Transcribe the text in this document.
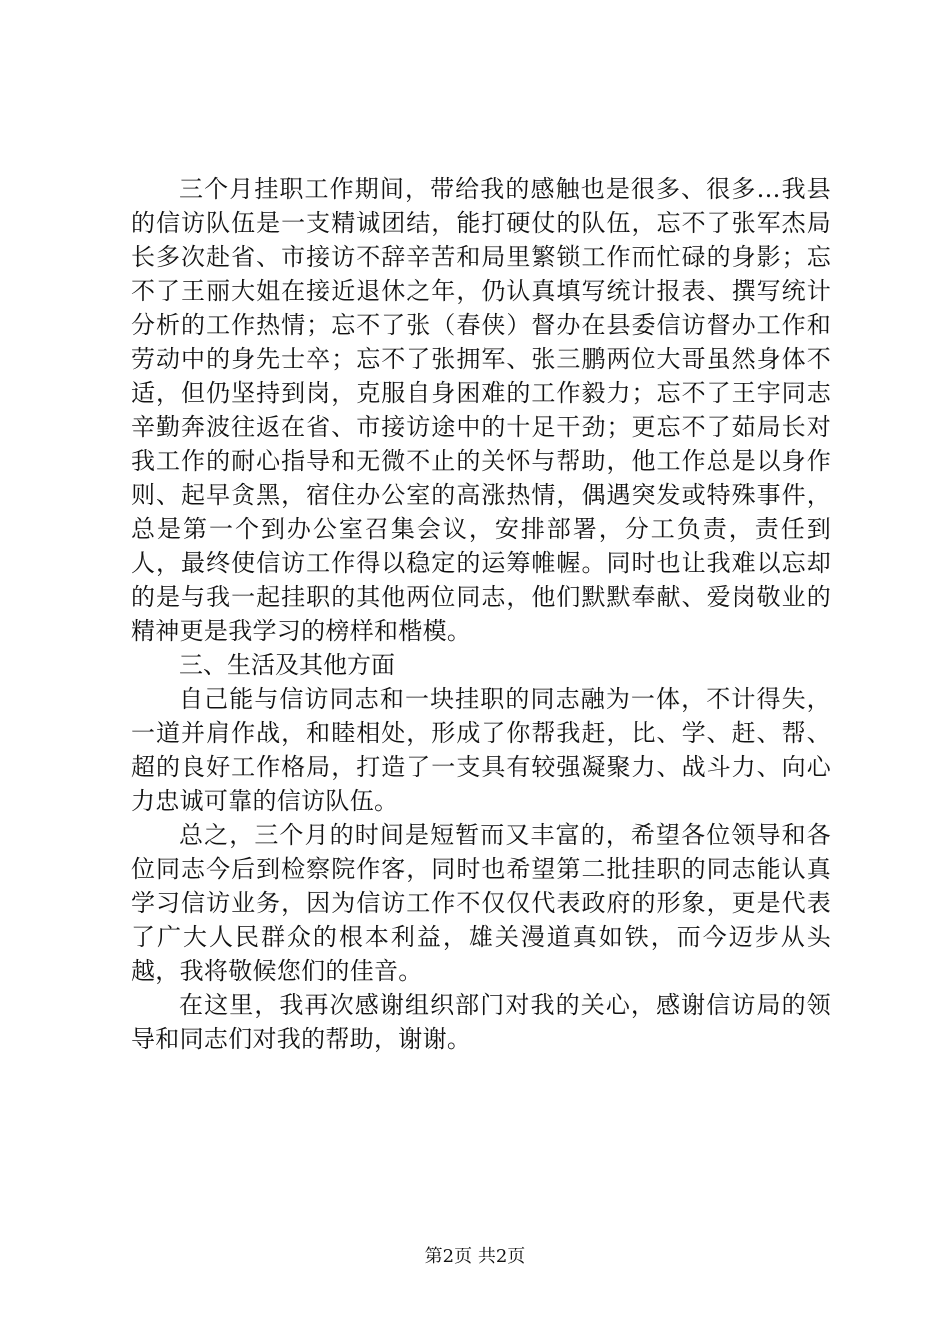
三个月挂职工作期间，带给我的感触也是很多、很多…我县的信访队伍是一支精诚团结，能打硬仗的队伍，忘不了张军杰局长多次赴省、市接访不辞辛苦和局里繁锁工作而忙碌的身影；忘不了王丽大姐在接近退休之年，仍认真填写统计报表、撰写统计分析的工作热情；忘不了张（春侠）督办在县委信访督办工作和劳动中的身先士卒；忘不了张拥军、张三鹏两位大哥虽然身体不适，但仍坚持到岗，克服自身困难的工作毅力；忘不了王宇同志辛勤奔波往返在省、市接访途中的十足干劲；更忘不了茹局长对我工作的耐心指导和无微不止的关怀与帮助，他工作总是以身作则、起早贪黑，宿住办公室的高涨热情，偶遇突发或特殊事件，总是第一个到办公室召集会议，安排部署，分工负责，责任到人，最终使信访工作得以稳定的运筹帷幄。同时也让我难以忘却的是与我一起挂职的其他两位同志，他们默默奉献、爱岗敬业的精神更是我学习的榜样和楷模。

三、生活及其他方面

自己能与信访同志和一块挂职的同志融为一体，不计得失，一道并肩作战，和睦相处，形成了你帮我赶，比、学、赶、帮、超的良好工作格局，打造了一支具有较强凝聚力、战斗力、向心力忠诚可靠的信访队伍。

总之，三个月的时间是短暂而又丰富的，希望各位领导和各位同志今后到检察院作客，同时也希望第二批挂职的同志能认真学习信访业务，因为信访工作不仅仅代表政府的形象，更是代表了广大人民群众的根本利益，雄关漫道真如铁，而今迈步从头越，我将敬候您们的佳音。

在这里，我再次感谢组织部门对我的关心，感谢信访局的领导和同志们对我的帮助，谢谢。

第2页 共2页
